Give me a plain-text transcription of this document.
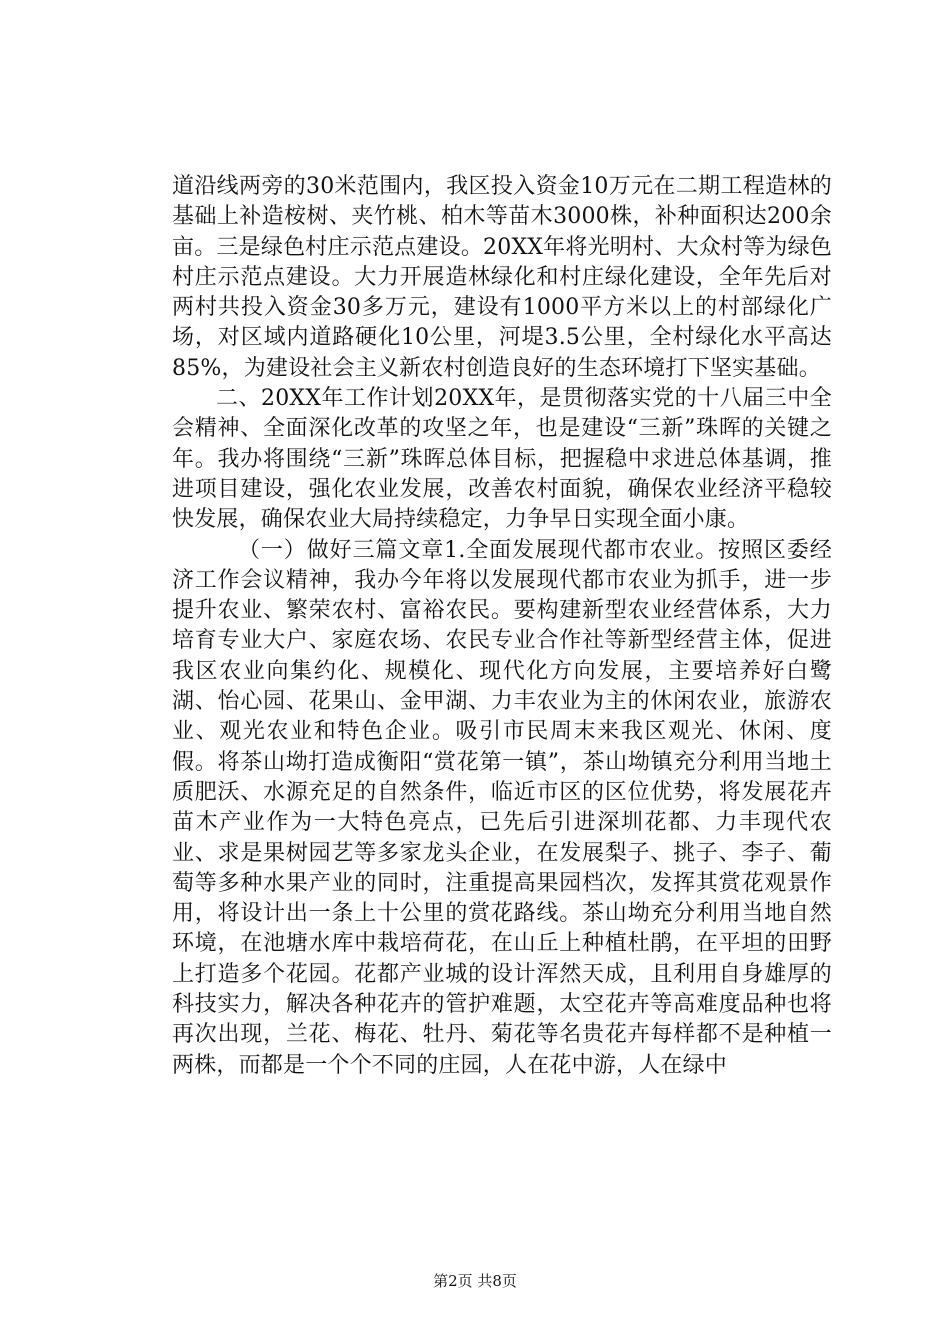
道沿线两旁的30米范围内，我区投入资金10万元在二期工程造林的基础上补造桉树、夹竹桃、柏木等苗木3000株，补种面积达200余亩。三是绿色村庄示范点建设。20XX年将光明村、大众村等为绿色村庄示范点建设。大力开展造林绿化和村庄绿化建设，全年先后对两村共投入资金30多万元，建设有1000平方米以上的村部绿化广场，对区域内道路硬化10公里，河堤3.5公里，全村绿化水平高达85%，为建设社会主义新农村创造良好的生态环境打下坚实基础。

二、20XX年工作计划20XX年，是贯彻落实党的十八届三中全会精神、全面深化改革的攻坚之年，也是建设“三新”珠晖的关键之年。我办将围绕“三新”珠晖总体目标，把握稳中求进总体基调，推进项目建设，强化农业发展，改善农村面貌，确保农业经济平稳较快发展，确保农业大局持续稳定，力争早日实现全面小康。

（一）做好三篇文章1.全面发展现代都市农业。按照区委经济工作会议精神，我办今年将以发展现代都市农业为抓手，进一步提升农业、繁荣农村、富裕农民。要构建新型农业经营体系，大力培育专业大户、家庭农场、农民专业合作社等新型经营主体，促进我区农业向集约化、规模化、现代化方向发展，主要培养好白鹭湖、怡心园、花果山、金甲湖、力丰农业为主的休闲农业，旅游农业、观光农业和特色企业。吸引市民周末来我区观光、休闲、度假。将茶山坳打造成衡阳“赏花第一镇”，茶山坳镇充分利用当地土质肥沃、水源充足的自然条件，临近市区的区位优势，将发展花卉苗木产业作为一大特色亮点，已先后引进深圳花都、力丰现代农业、求是果树园艺等多家龙头企业，在发展梨子、挑子、李子、葡萄等多种水果产业的同时，注重提高果园档次，发挥其赏花观景作用，将设计出一条上十公里的赏花路线。茶山坳充分利用当地自然环境，在池塘水库中栽培荷花，在山丘上种植杜鹃，在平坦的田野上打造多个花园。花都产业城的设计浑然天成，且利用自身雄厚的科技实力，解决各种花卉的管护难题，太空花卉等高难度品种也将再次出现，兰花、梅花、牡丹、菊花等名贵花卉每样都不是种植一两株，而都是一个个不同的庄园，人在花中游，人在绿中

第2页 共8页
